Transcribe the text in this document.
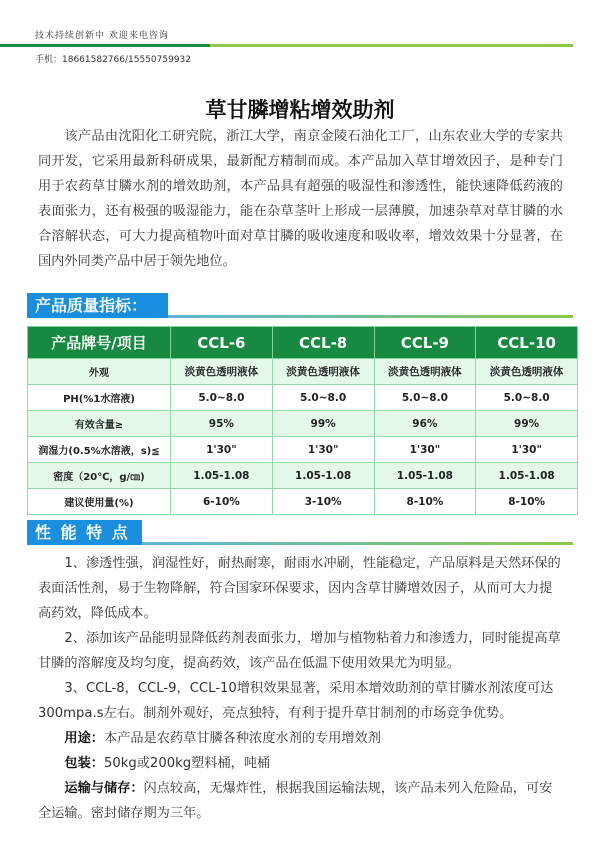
技术持续创新中 欢迎来电咨询
手机：18661582766/15550759932
草甘膦增粘增效助剂
该产品由沈阳化工研究院，浙江大学，南京金陵石油化工厂，山东农业大学的专家共同开发，它采用最新科研成果，最新配方精制而成。本产品加入草甘增效因子，是种专门用于农药草甘膦水剂的增效助剂，本产品具有超强的吸湿性和渗透性，能快速降低药液的表面张力，还有极强的吸湿能力，能在杂草茎叶上形成一层薄膜，加速杂草对草甘膦的水合溶解状态，可大力提高植物叶面对草甘膦的吸收速度和吸收率，增效效果十分显著，在国内外同类产品中居于领先地位。
产品质量指标：
产品牌号/项目	CCL-6	CCL-8	CCL-9	CCL-10
外观	淡黄色透明液体	淡黄色透明液体	淡黄色透明液体	淡黄色透明液体
PH(%1水溶液)	5.0~8.0	5.0~8.0	5.0~8.0	5.0~8.0
有效含量≥	95%	99%	96%	99%
润湿力(0.5%水溶液，s)≦	1'30"	1'30"	1'30"	1'30"
密度（20℃，g/㎝)	1.05-1.08	1.05-1.08	1.05-1.08	1.05-1.08
建议使用量(%)	6-10%	3-10%	8-10%	8-10%
性 能 特 点

1、渗透性强，润湿性好，耐热耐寒，耐雨水冲刷，性能稳定，产品原料是天然环保的表面活性剂，易于生物降解，符合国家环保要求，因内含草甘膦增效因子，从而可大力提高药效，降低成本。

2、添加该产品能明显降低药剂表面张力，增加与植物粘着力和渗透力，同时能提高草甘膦的溶解度及均匀度，提高药效，该产品在低温下使用效果尤为明显。

3、CCL-8，CCL-9，CCL-10增积效果显著，采用本增效助剂的草甘膦水剂浓度可达300mpa.s左右。制剂外观好，亮点独特，有利于提升草甘制剂的市场竞争优势。

用途：本产品是农药草甘膦各种浓度水剂的专用增效剂

包装：50kg或200kg塑料桶，吨桶

运输与储存：闪点较高，无爆炸性，根据我国运输法规，该产品未列入危险品，可安全运输。密封储存期为三年。
